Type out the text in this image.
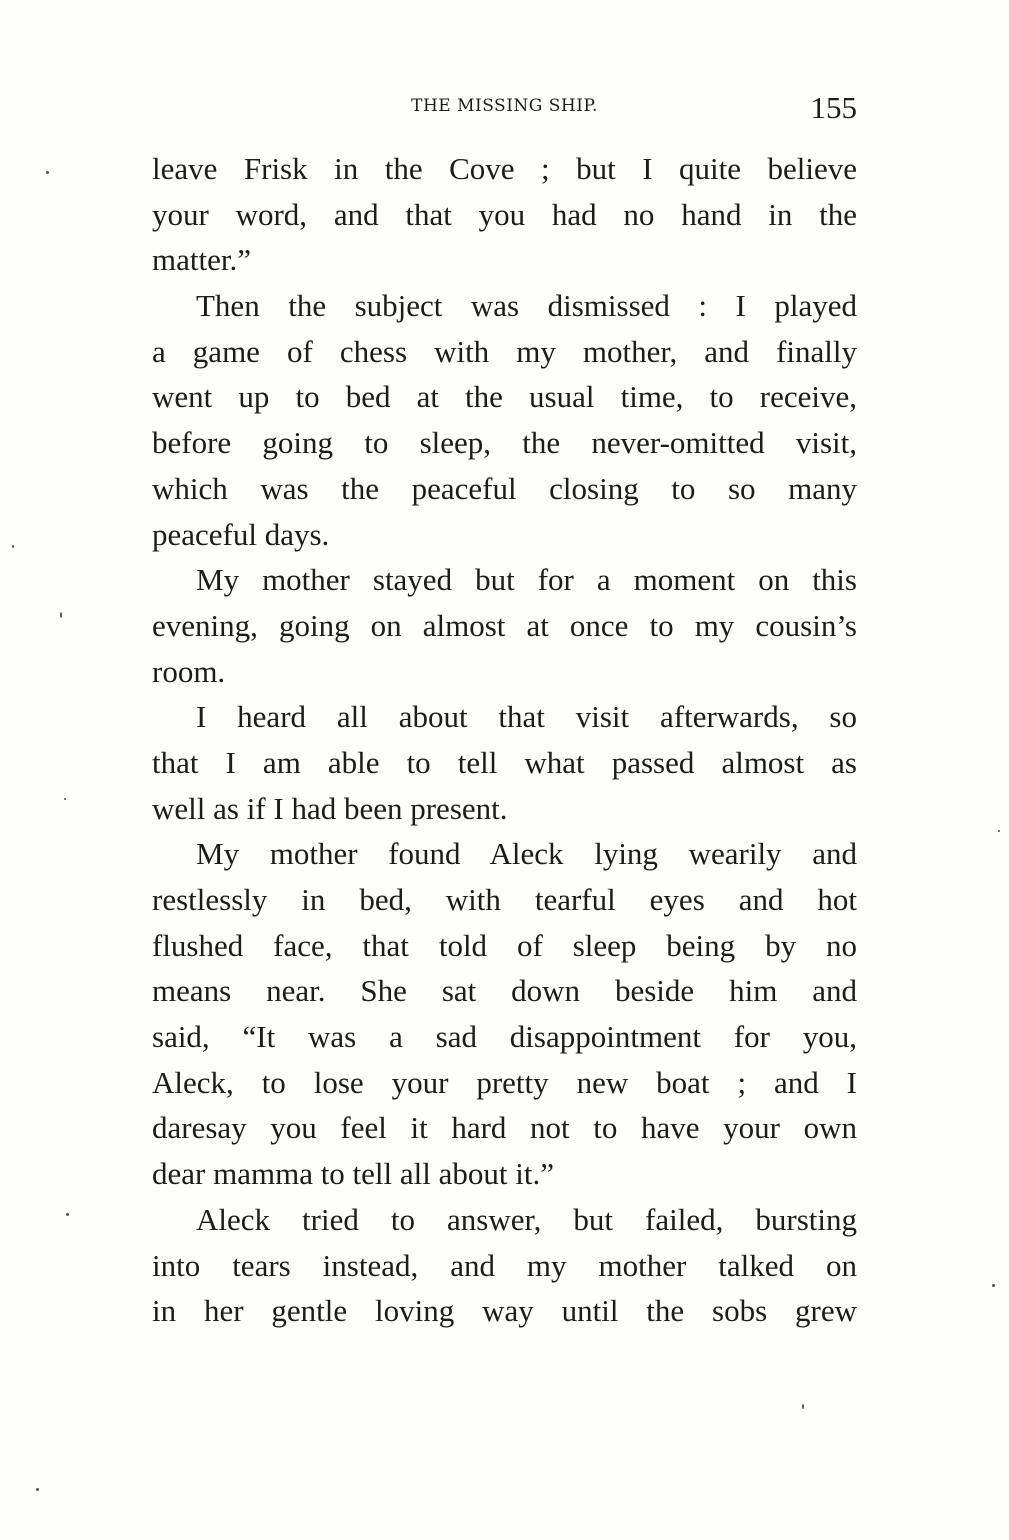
THE MISSING SHIP.	155
leave Frisk in the Cove ; but I quite believe
your word, and that you had no hand in the
matter.”
Then the subject was dismissed : I played
a game of chess with my mother, and finally
went up to bed at the usual time, to receive,
before going to sleep, the never-omitted visit,
which was the peaceful closing to so many
peaceful days.
My mother stayed but for a moment on this
evening, going on almost at once to my cousin’s
room.
I heard all about that visit afterwards, so
that I am able to tell what passed almost as
well as if I had been present.
My mother found Aleck lying wearily and
restlessly in bed, with tearful eyes and hot
flushed face, that told of sleep being by no
means near. She sat down beside him and
said, “It was a sad disappointment for you,
Aleck, to lose your pretty new boat ; and I
daresay you feel it hard not to have your own
dear mamma to tell all about it.”
Aleck tried to answer, but failed, bursting
into tears instead, and my mother talked on
in her gentle loving way until the sobs grew
